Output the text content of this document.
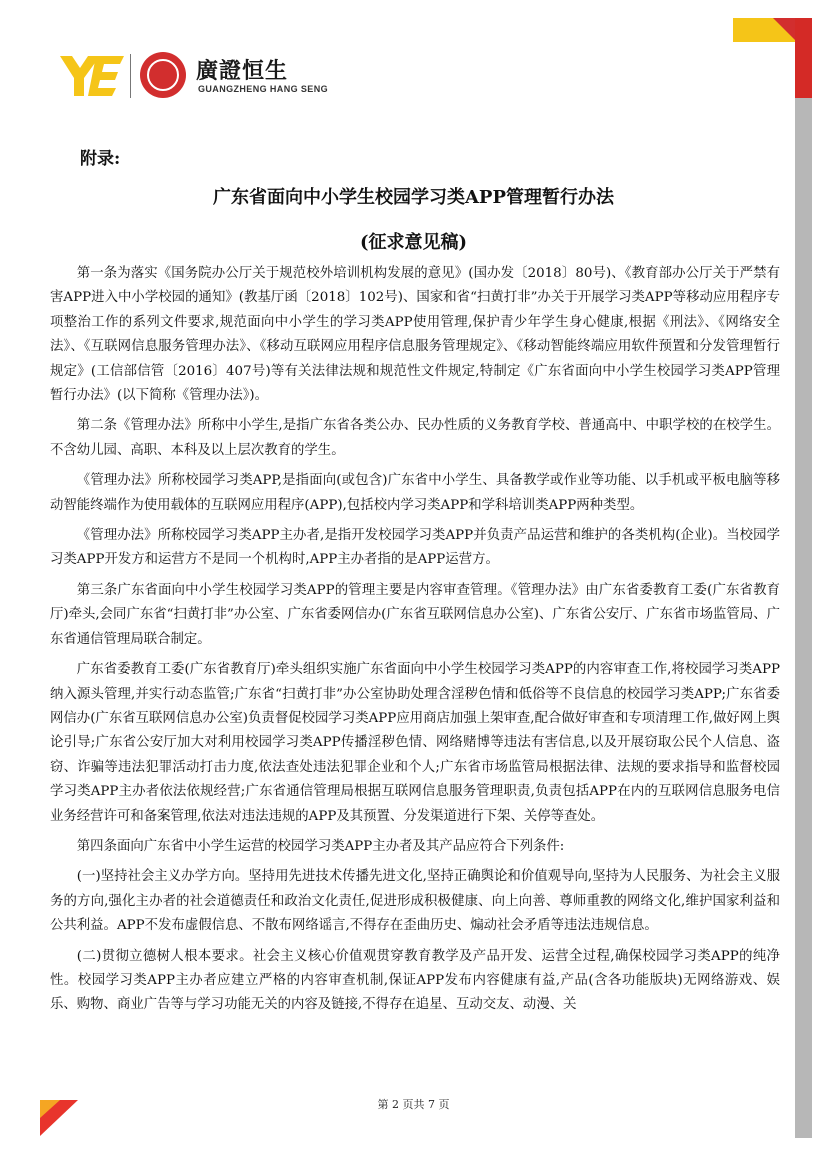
廣證恒生
GUANGZHENG HANG SENG
附录:
广东省面向中小学生校园学习类APP管理暂行办法
(征求意见稿)

第一条为落实《国务院办公厅关于规范校外培训机构发展的意见》(国办发〔2018〕80号)、《教育部办公厅关于严禁有害APP进入中小学校园的通知》(教基厅函〔2018〕102号)、国家和省“扫黄打非”办关于开展学习类APP等移动应用程序专项整治工作的系列文件要求,规范面向中小学生的学习类APP使用管理,保护青少年学生身心健康,根据《刑法》、《网络安全法》、《互联网信息服务管理办法》、《移动互联网应用程序信息服务管理规定》、《移动智能终端应用软件预置和分发管理暂行规定》(工信部信管〔2016〕407号)等有关法律法规和规范性文件规定,特制定《广东省面向中小学生校园学习类APP管理暂行办法》(以下简称《管理办法》)。

第二条《管理办法》所称中小学生,是指广东省各类公办、民办性质的义务教育学校、普通高中、中职学校的在校学生。不含幼儿园、高职、本科及以上层次教育的学生。

《管理办法》所称校园学习类APP,是指面向(或包含)广东省中小学生、具备教学或作业等功能、以手机或平板电脑等移动智能终端作为使用载体的互联网应用程序(APP),包括校内学习类APP和学科培训类APP两种类型。

《管理办法》所称校园学习类APP主办者,是指开发校园学习类APP并负责产品运营和维护的各类机构(企业)。当校园学习类APP开发方和运营方不是同一个机构时,APP主办者指的是APP运营方。

第三条广东省面向中小学生校园学习类APP的管理主要是内容审查管理。《管理办法》由广东省委教育工委(广东省教育厅)牵头,会同广东省“扫黄打非”办公室、广东省委网信办(广东省互联网信息办公室)、广东省公安厅、广东省市场监管局、广东省通信管理局联合制定。

广东省委教育工委(广东省教育厅)牵头组织实施广东省面向中小学生校园学习类APP的内容审查工作,将校园学习类APP纳入源头管理,并实行动态监管;广东省“扫黄打非”办公室协助处理含淫秽色情和低俗等不良信息的校园学习类APP;广东省委网信办(广东省互联网信息办公室)负责督促校园学习类APP应用商店加强上架审查,配合做好审查和专项清理工作,做好网上舆论引导;广东省公安厅加大对利用校园学习类APP传播淫秽色情、网络赌博等违法有害信息,以及开展窃取公民个人信息、盗窃、诈骗等违法犯罪活动打击力度,依法查处违法犯罪企业和个人;广东省市场监管局根据法律、法规的要求指导和监督校园学习类APP主办者依法依规经营;广东省通信管理局根据互联网信息服务管理职责,负责包括APP在内的互联网信息服务电信业务经营许可和备案管理,依法对违法违规的APP及其预置、分发渠道进行下架、关停等查处。

第四条面向广东省中小学生运营的校园学习类APP主办者及其产品应符合下列条件:

(一)坚持社会主义办学方向。坚持用先进技术传播先进文化,坚持正确舆论和价值观导向,坚持为人民服务、为社会主义服务的方向,强化主办者的社会道德责任和政治文化责任,促进形成积极健康、向上向善、尊师重教的网络文化,维护国家利益和公共利益。APP不发布虚假信息、不散布网络谣言,不得存在歪曲历史、煽动社会矛盾等违法违规信息。

(二)贯彻立德树人根本要求。社会主义核心价值观贯穿教育教学及产品开发、运营全过程,确保校园学习类APP的纯净性。校园学习类APP主办者应建立严格的内容审查机制,保证APP发布内容健康有益,产品(含各功能版块)无网络游戏、娱乐、购物、商业广告等与学习功能无关的内容及链接,不得存在追星、互动交友、动漫、关

第 2 页共 7 页
